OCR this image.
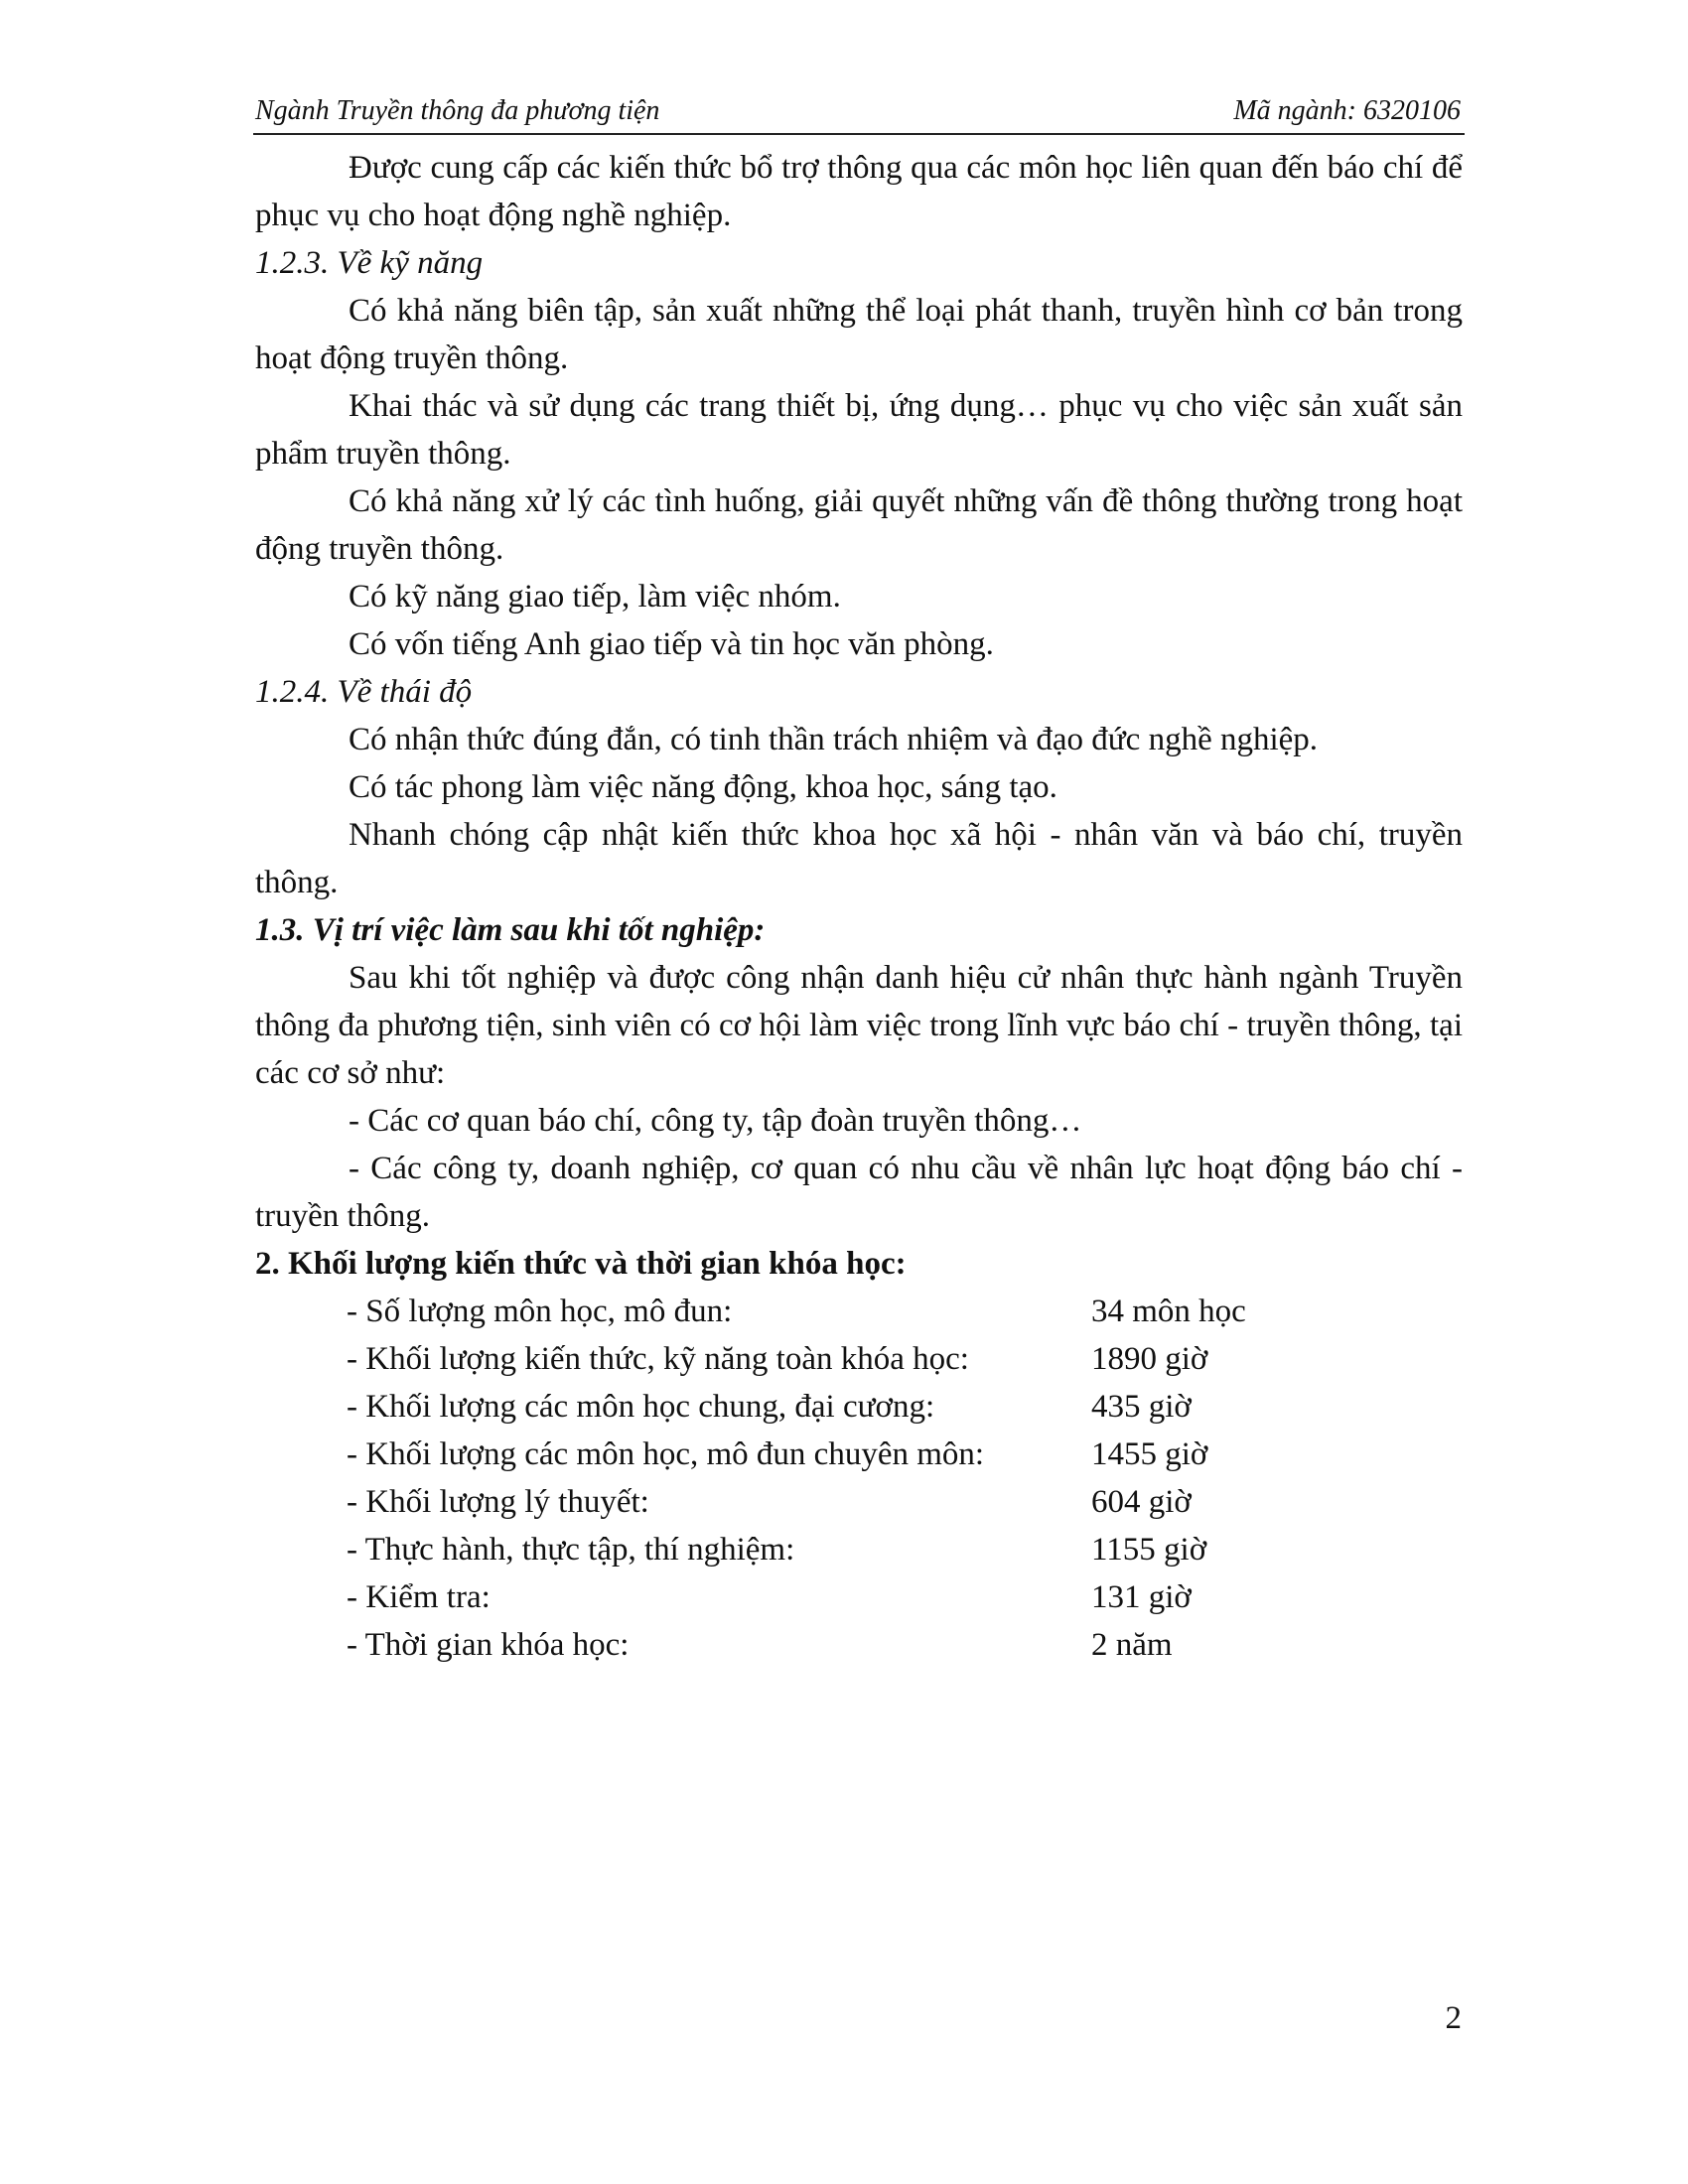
Ngành Truyền thông đa phương tiện	Mã ngành: 6320106

Được cung cấp các kiến thức bổ trợ thông qua các môn học liên quan đến báo chí để phục vụ cho hoạt động nghề nghiệp.

1.2.3. Về kỹ năng

Có khả năng biên tập, sản xuất những thể loại phát thanh, truyền hình cơ bản trong hoạt động truyền thông.

Khai thác và sử dụng các trang thiết bị, ứng dụng… phục vụ cho việc sản xuất sản phẩm truyền thông.

Có khả năng xử lý các tình huống, giải quyết những vấn đề thông thường trong hoạt động truyền thông.

Có kỹ năng giao tiếp, làm việc nhóm.

Có vốn tiếng Anh giao tiếp và tin học văn phòng.

1.2.4. Về thái độ

Có nhận thức đúng đắn, có tinh thần trách nhiệm và đạo đức nghề nghiệp.

Có tác phong làm việc năng động, khoa học, sáng tạo.

Nhanh chóng cập nhật kiến thức khoa học xã hội - nhân văn và báo chí, truyền thông.

1.3. Vị trí việc làm sau khi tốt nghiệp:

Sau khi tốt nghiệp và được công nhận danh hiệu cử nhân thực hành ngành Truyền thông đa phương tiện, sinh viên có cơ hội làm việc trong lĩnh vực báo chí - truyền thông, tại các cơ sở như:

- Các cơ quan báo chí, công ty, tập đoàn truyền thông…

- Các công ty, doanh nghiệp, cơ quan có nhu cầu về nhân lực hoạt động báo chí - truyền thông.

2. Khối lượng kiến thức và thời gian khóa học:

- Số lượng môn học, mô đun:	34 môn học
- Khối lượng kiến thức, kỹ năng toàn khóa học:	1890 giờ
- Khối lượng các môn học chung, đại cương:	435 giờ
- Khối lượng các môn học, mô đun chuyên môn:	1455 giờ
- Khối lượng lý thuyết:	604 giờ
- Thực hành, thực tập, thí nghiệm:	1155 giờ
- Kiểm tra:	131 giờ
- Thời gian khóa học:	2 năm
2
